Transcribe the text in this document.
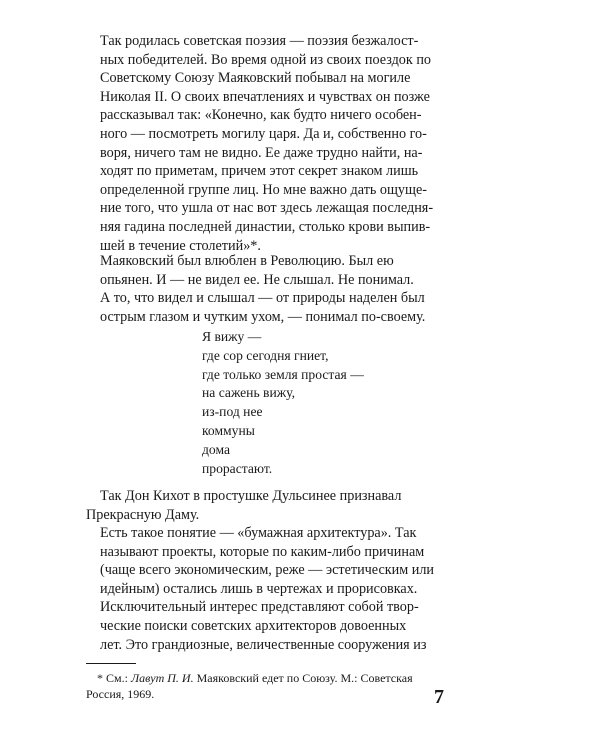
Так родилась советская поэзия — поэзия безжалост-
ных победителей. Во время одной из своих поездок по
Советскому Союзу Маяковский побывал на могиле
Николая II. О своих впечатлениях и чувствах он позже
рассказывал так: «Конечно, как будто ничего особен-
ного — посмотреть могилу царя. Да и, собственно го-
воря, ничего там не видно. Ее даже трудно найти, на-
ходят по приметам, причем этот секрет знаком лишь
определенной группе лиц. Но мне важно дать ощуще-
ние того, что ушла от нас вот здесь лежащая последня-
няя гадина последней династии, столько крови выпив-
шей в течение столетий»*.

Маяковский был влюблен в Революцию. Был ею
опьянен. И — не видел ее. Не слышал. Не понимал.
А то, что видел и слышал — от природы наделен был
острым глазом и чутким ухом, — понимал по-своему.

Я вижу —
где сор сегодня гниет,
где только земля простая —
на сажень вижу,
из-под нее
коммуны
дома
прорастают.

Так Дон Кихот в простушке Дульсинее признавал
Прекрасную Даму.

Есть такое понятие — «бумажная архитектура». Так
называют проекты, которые по каким-либо причинам
(чаще всего экономическим, реже — эстетическим или
идейным) остались лишь в чертежах и прорисовках.
Исключительный интерес представляют собой твор-
ческие поиски советских архитекторов довоенных
лет. Это грандиозные, величественные сооружения из

* См.: Лавут П. И. Маяковский едет по Союзу. М.: Советская
Россия, 1969.	7
